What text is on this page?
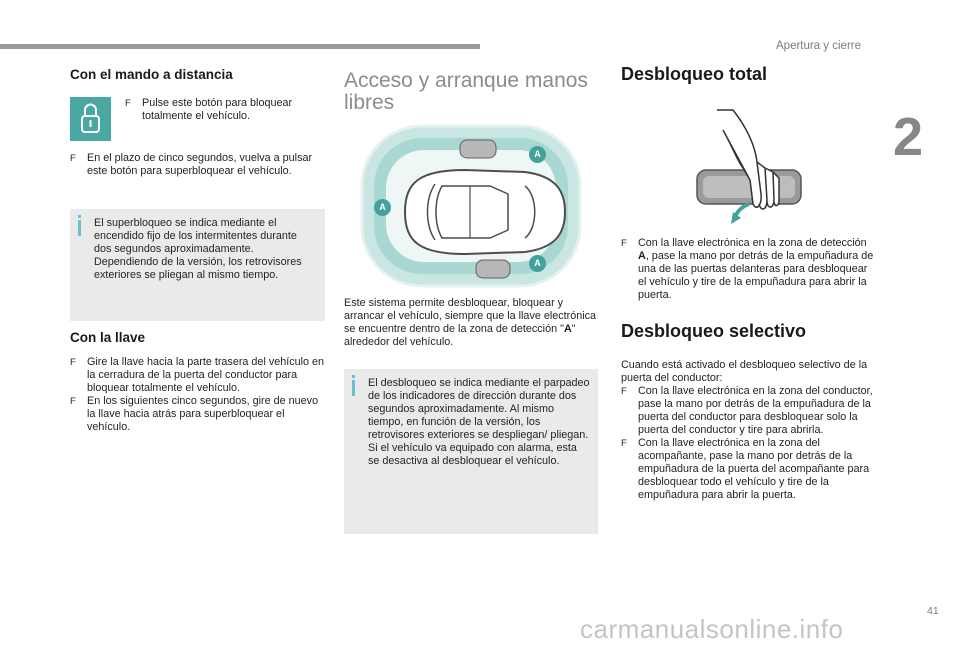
Apertura y cierre
2
Con el mando a distancia

F Pulse este botón para bloquear totalmente el vehículo.

F En el plazo de cinco segundos, vuelva a pulsar este botón para superbloquear el vehículo.

El superbloqueo se indica mediante el encendido fijo de los intermitentes durante dos segundos aproximadamente. Dependiendo de la versión, los retrovisores exteriores se pliegan al mismo tiempo.

Con la llave

F Gire la llave hacia la parte trasera del vehículo en la cerradura de la puerta del conductor para bloquear totalmente el vehículo.

F En los siguientes cinco segundos, gire de nuevo la llave hacia atrás para superbloquear el vehículo.

Acceso y arranque manos libres
A
A
A

Este sistema permite desbloquear, bloquear y arrancar el vehículo, siempre que la llave electrónica se encuentre dentro de la zona de detección "A" alrededor del vehículo.

El desbloqueo se indica mediante el parpadeo de los indicadores de dirección durante dos segundos aproximadamente. Al mismo tiempo, en función de la versión, los retrovisores exteriores se despliegan/ pliegan.

Si el vehículo va equipado con alarma, esta se desactiva al desbloquear el vehículo.

Desbloqueo total

F Con la llave electrónica en la zona de detección A, pase la mano por detrás de la empuñadura de una de las puertas delanteras para desbloquear el vehículo y tire de la empuñadura para abrir la puerta.

Desbloqueo selectivo

Cuando está activado el desbloqueo selectivo de la puerta del conductor:

F Con la llave electrónica en la zona del conductor, pase la mano por detrás de la empuñadura de la puerta del conductor para desbloquear solo la puerta del conductor y tire para abrirla.

F Con la llave electrónica en la zona del acompañante, pase la mano por detrás de la empuñadura de la puerta del acompañante para desbloquear todo el vehículo y tire de la empuñadura para abrir la puerta.

41
carmanualsonline.info
